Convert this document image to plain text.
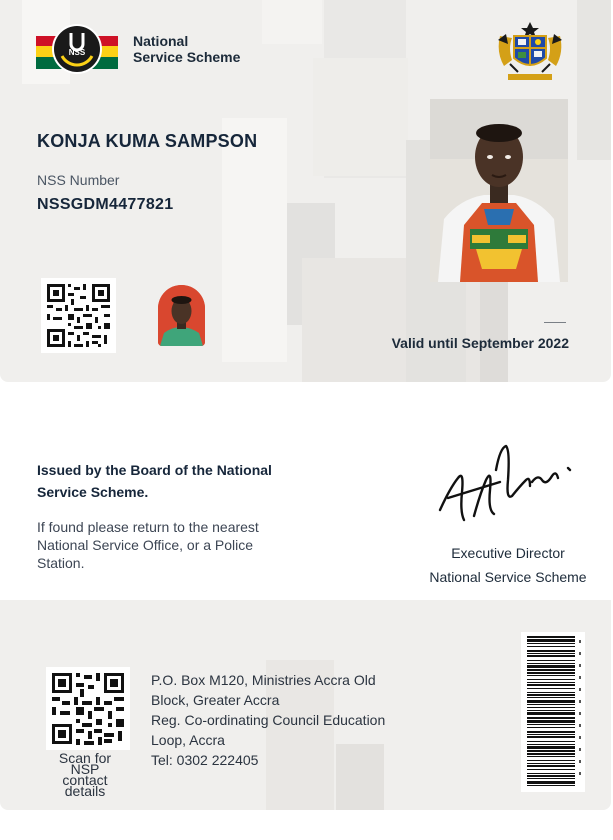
NSS
National
Service Scheme
KONJA KUMA SAMPSON
NSS Number
NSSGDM4477821
Valid until September 2022
Issued by the Board of the National Service Scheme.
If found please return to the nearest National Service Office, or a Police Station.
Executive Director
National Service Scheme
Scan for NSP contact details
P.O. Box M120, Ministries Accra Old Block, Greater Accra
Reg. Co-ordinating Council Education Loop, Accra
Tel: 0302 222405
